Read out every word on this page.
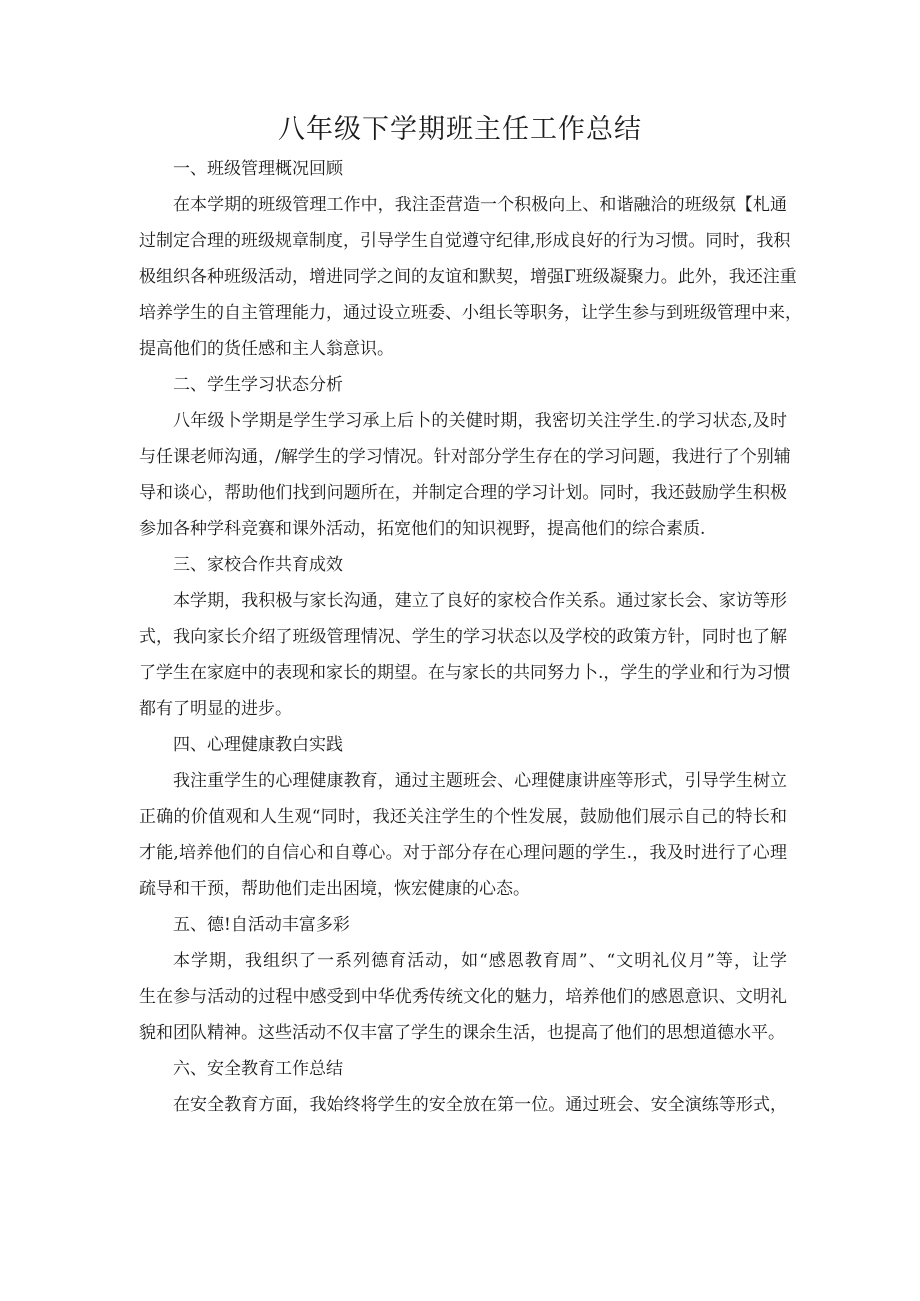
八年级下学期班主任工作总结
一、班级管理概况回顾
在本学期的班级管理工作中，我注歪营造一个积极向上、和谐融洽的班级氛【札通
过制定合理的班级规章制度，引导学生自觉遵守纪律,形成良好的行为习惯。同时，我积
极组织各种班级活动，增进同学之间的友谊和默契，增强Γ班级凝聚力。此外，我还注重
培养学生的自主管理能力，通过设立班委、小组长等职务，让学生参与到班级管理中来，
提高他们的货任感和主人翁意识。
二、学生学习状态分析
八年级卜学期是学生学习承上后卜的关健时期，我密切关注学生.的学习状态,及时
与任课老师沟通，/解学生的学习情况。针对部分学生存在的学习问题，我进行了个别辅
导和谈心，帮助他们找到问题所在，并制定合理的学习计划。同时，我还鼓励学生积极
参加各种学科竞赛和课外活动，拓宽他们的知识视野，提高他们的综合素质.
三、家校合作共育成效
本学期，我积极与家长沟通，建立了良好的家校合作关系。通过家长会、家访等形
式，我向家长介绍了班级管理情况、学生的学习状态以及学校的政策方针，同时也了解
了学生在家庭中的表现和家长的期望。在与家长的共同努力卜.，学生的学业和行为习惯
都有了明显的进步。
四、心理健康教白实践
我注重学生的心理健康教育，通过主题班会、心理健康讲座等形式，引导学生树立
正确的价值观和人生观“同时，我还关注学生的个性发展，鼓励他们展示自己的特长和
才能,培养他们的自信心和自尊心。对于部分存在心理问题的学生.，我及时进行了心理
疏导和干预，帮助他们走出困境，恢宏健康的心态。
五、德!自活动丰富多彩
本学期，我组织了一系列德育活动，如“感恩教育周”、“文明礼仪月”等，让学
生在参与活动的过程中感受到中华优秀传统文化的魅力，培养他们的感恩意识、文明礼
貌和团队精神。这些活动不仅丰富了学生的课余生活，也提高了他们的思想道德水平。
六、安全教育工作总结
在安全教育方面，我始终将学生的安全放在第一位。通过班会、安全演练等形式，
